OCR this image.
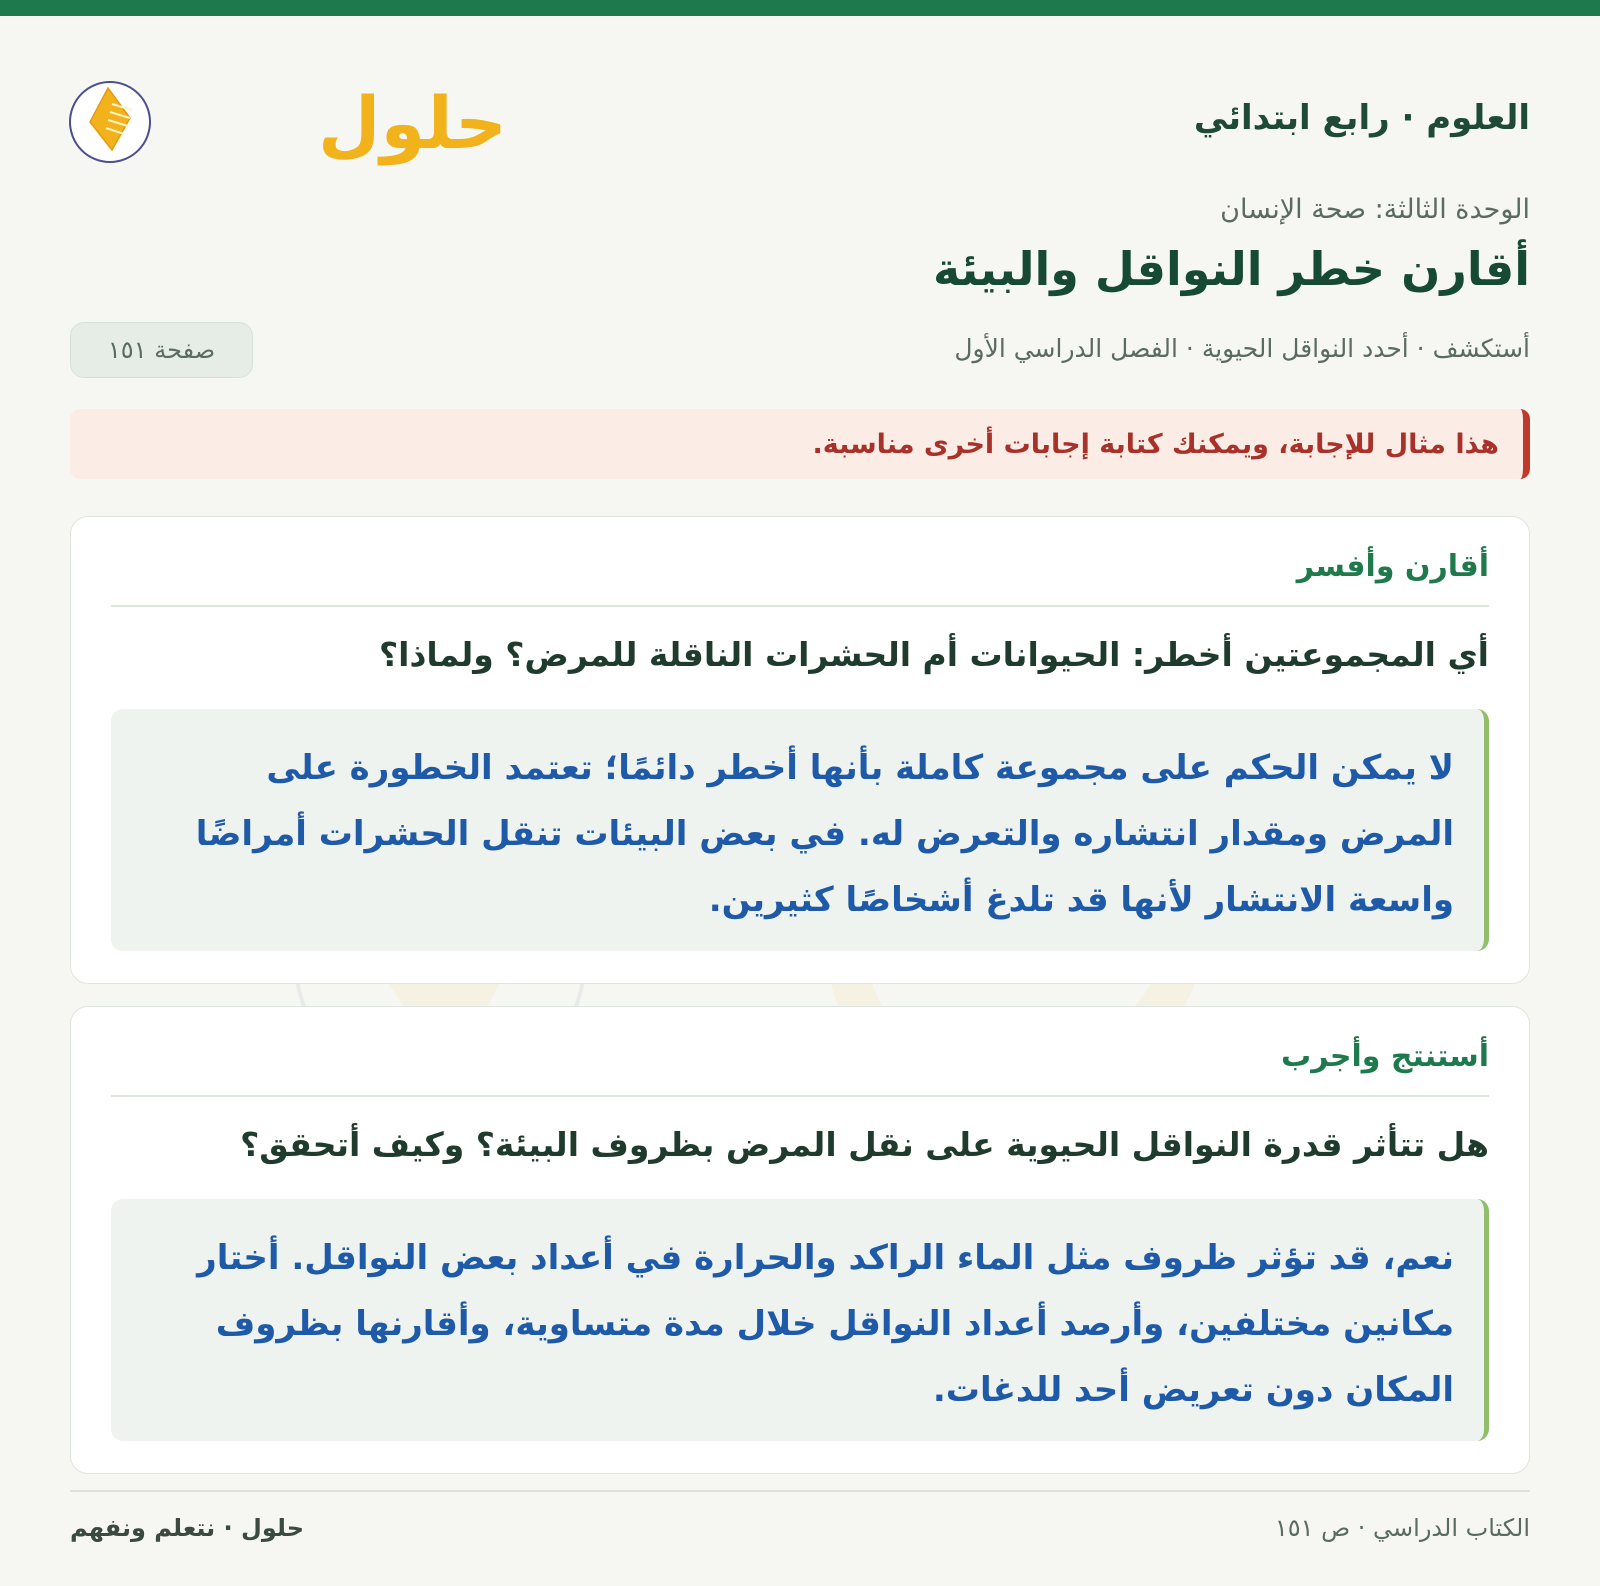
العلوم · رابع ابتدائي
حلول
الوحدة الثالثة: صحة الإنسان
أقارن خطر النواقل والبيئة
أستكشف · أحدد النواقل الحيوية · الفصل الدراسي الأول
صفحة ١٥١
هذا مثال للإجابة، ويمكنك كتابة إجابات أخرى مناسبة.
أقارن وأفسر
أي المجموعتين أخطر: الحيوانات أم الحشرات الناقلة للمرض؟ ولماذا؟
لا يمكن الحكم على مجموعة كاملة بأنها أخطر دائمًا؛ تعتمد الخطورة على المرض ومقدار انتشاره والتعرض له. في بعض البيئات تنقل الحشرات أمراضًا واسعة الانتشار لأنها قد تلدغ أشخاصًا كثيرين.
أستنتج وأجرب
هل تتأثر قدرة النواقل الحيوية على نقل المرض بظروف البيئة؟ وكيف أتحقق؟
نعم، قد تؤثر ظروف مثل الماء الراكد والحرارة في أعداد بعض النواقل. أختار مكانين مختلفين، وأرصد أعداد النواقل خلال مدة متساوية، وأقارنها بظروف المكان دون تعريض أحد للدغات.
الكتاب الدراسي · ص ١٥١
حلول · نتعلم ونفهم
